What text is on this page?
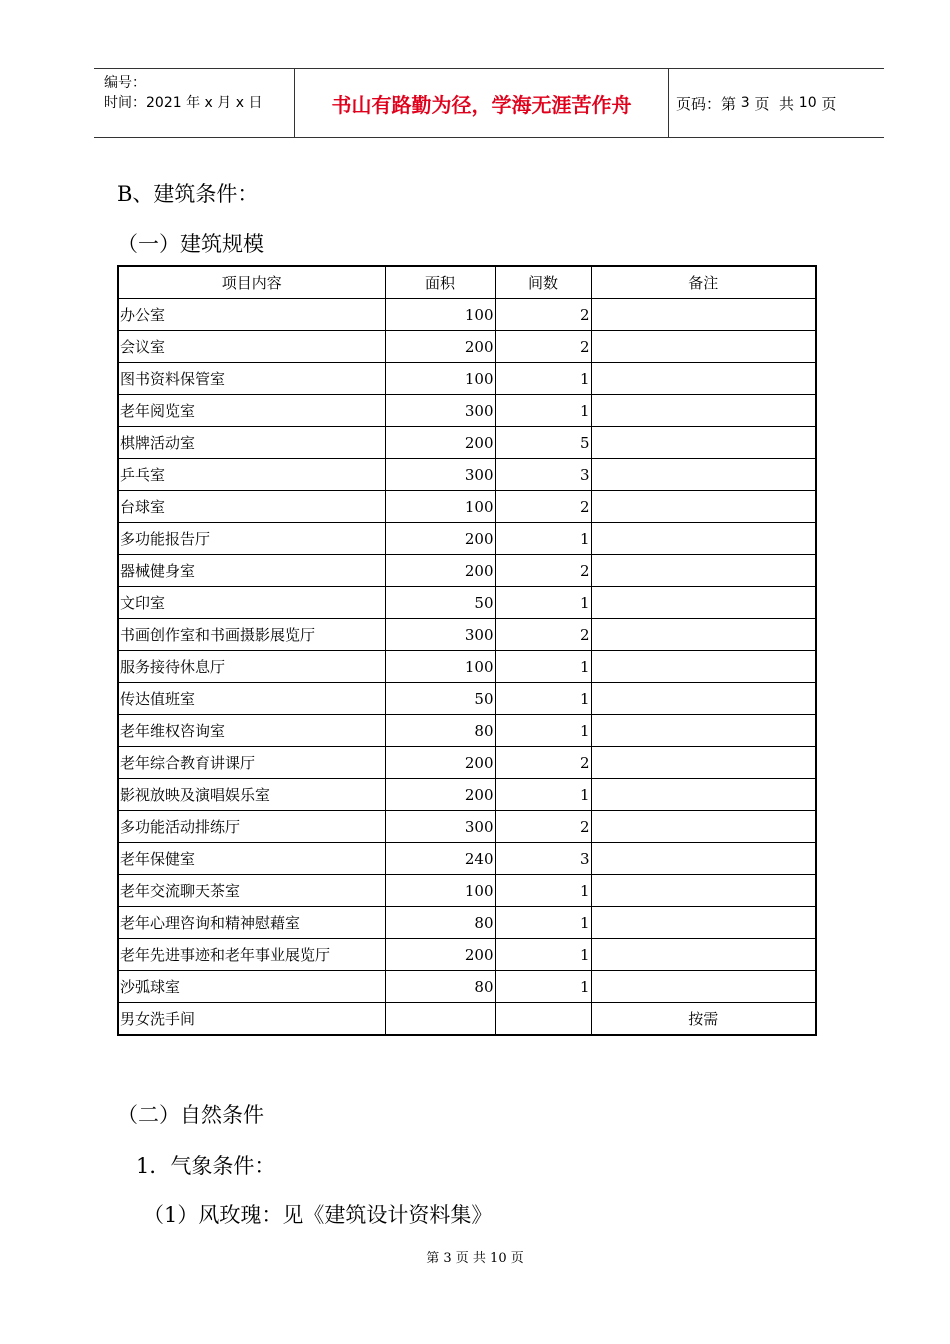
编号：
时间：2021 年 x 月 x 日	书山有路勤为径，学海无涯苦作舟	页码：第 3 页  共 10 页
B、建筑条件：
（一）建筑规模
项目内容	面积	间数	备注
办公室	100	2	
会议室	200	2	
图书资料保管室	100	1	
老年阅览室	300	1	
棋牌活动室	200	5	
乒乓室	300	3	
台球室	100	2	
多功能报告厅	200	1	
器械健身室	200	2	
文印室	50	1	
书画创作室和书画摄影展览厅	300	2	
服务接待休息厅	100	1	
传达值班室	50	1	
老年维权咨询室	80	1	
老年综合教育讲课厅	200	2	
影视放映及演唱娱乐室	200	1	
多功能活动排练厅	300	2	
老年保健室	240	3	
老年交流聊天茶室	100	1	
老年心理咨询和精神慰藉室	80	1	
老年先进事迹和老年事业展览厅	200	1	
沙弧球室	80	1	
男女洗手间			按需
（二）自然条件
1．气象条件：
（1）风玫瑰：见《建筑设计资料集》
第 3 页 共 10 页
